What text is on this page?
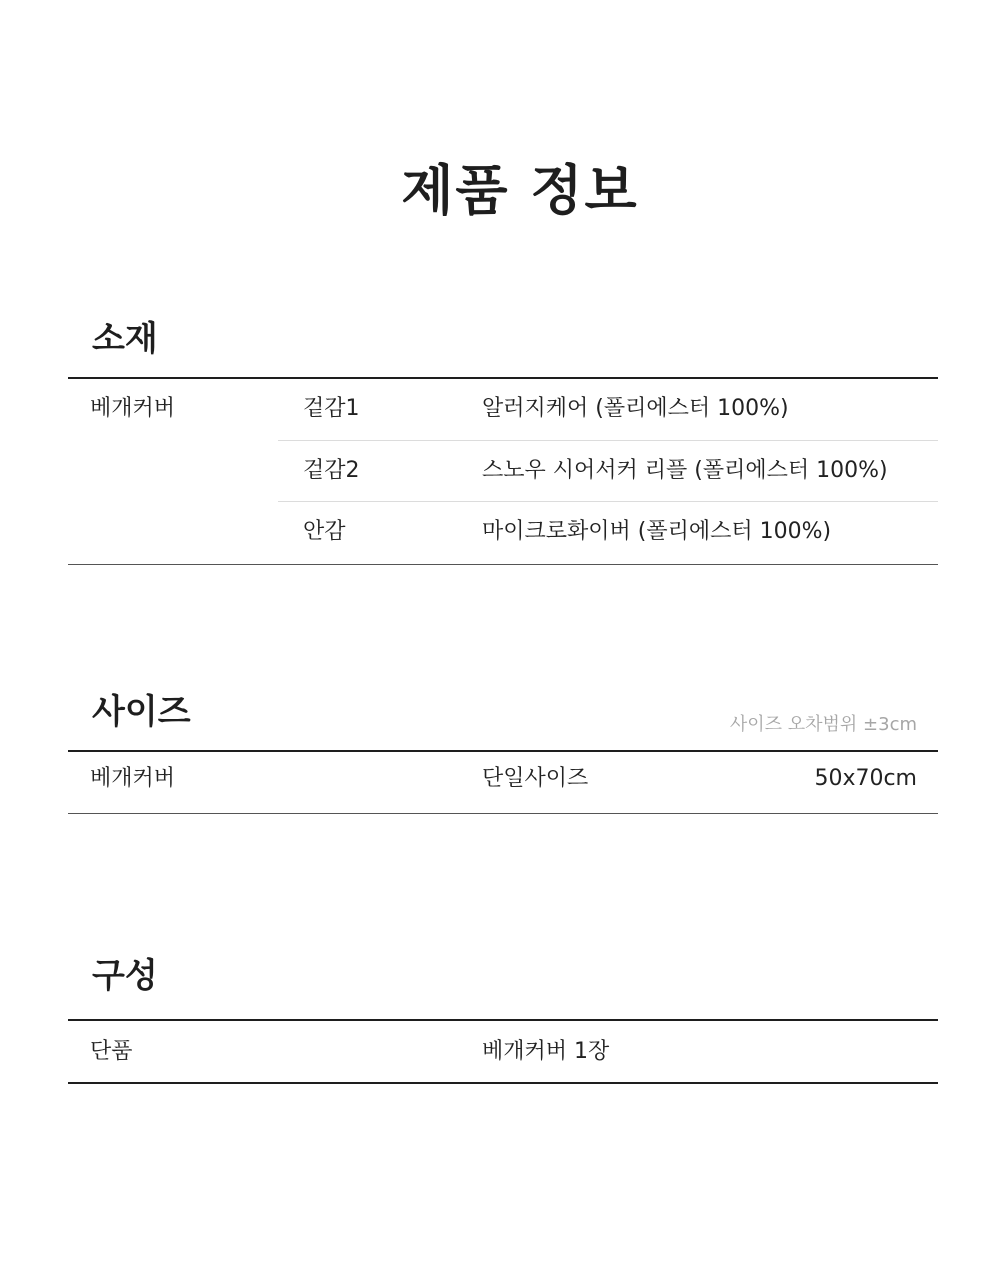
제품 정보
소재
베개커버	겉감1	알러지케어 (폴리에스터 100%)
겉감2	스노우 시어서커 리플 (폴리에스터 100%)
안감	마이크로화이버 (폴리에스터 100%)
사이즈	사이즈 오차범위 ±3cm
베개커버	단일사이즈	50x70cm
구성
단품	베개커버 1장
